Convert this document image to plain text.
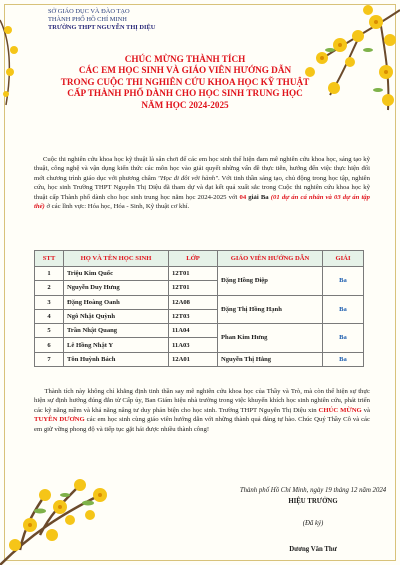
SỞ GIÁO DỤC VÀ ĐÀO TẠO
THÀNH PHỐ HỒ CHÍ MINH
TRƯỜNG THPT NGUYỄN THỊ DIỆU
CHÚC MỪNG THÀNH TÍCH
CÁC EM HỌC SINH VÀ GIÁO VIÊN HƯỚNG DẪN
TRONG CUỘC THI NGHIÊN CỨU KHOA HỌC KỸ THUẬT
CẤP THÀNH PHỐ DÀNH CHO HỌC SINH TRUNG HỌC
NĂM HỌC 2024-2025
Cuộc thi nghiên cứu khoa học kỹ thuật là sân chơi để các em học sinh thể hiện đam mê nghiên cứu khoa học, sáng tạo kỹ thuật, công nghệ và vận dụng kiến thức các môn học vào giải quyết những vấn đề thực tiễn, hướng đến việc thực hiện đổi mới chương trình giáo dục với phương châm "Học đi đôi với hành". Với tinh thần sáng tạo, chủ động trong học tập, nghiên cứu, học sinh Trường THPT Nguyễn Thị Diệu đã tham dự và đạt kết quả xuất sắc trong Cuộc thi nghiên cứu khoa học kỹ thuật cấp Thành phố dành cho học sinh trung học năm học 2024-2025 với 04 giải Ba (01 dự án cá nhân và 03 dự án tập thể) ở các lĩnh vực: Hóa học, Hóa - Sinh, Kỹ thuật cơ khí.
STT	HỌ VÀ TÊN HỌC SINH	LỚP	GIÁO VIÊN HƯỚNG DẪN	GIẢI
1	Triệu Kim Quốc	12T01	Đặng Hồng Điệp	Ba
2	Nguyễn Duy Hưng	12T01		
3	Đặng Hoàng Oanh	12A08	Đặng Thị Hồng Hạnh	Ba
4	Ngô Nhật Quỳnh	12T03		
5	Trần Nhật Quang	11A04	Phan Kim Hưng	Ba
6	Lê Hồng Nhật Y	11A03		
7	Tôn Huỳnh Bách	12A01	Nguyễn Thị Hằng	Ba
Thành tích này không chỉ khẳng định tinh thần say mê nghiên cứu khoa học của Thầy và Trò, mà còn thể hiện sự thực hiện sự định hướng đúng đắn từ Cấp ủy, Ban Giám hiệu nhà trường trong việc khuyến khích học sinh nghiên cứu, phát triển các kỹ năng mềm và khả năng nâng tư duy phản biện cho học sinh. Trường THPT Nguyễn Thị Diệu xin CHÚC MỪNG và TUYÊN DƯƠNG các em học sinh cùng giáo viên hướng dẫn với những thành quả đáng tự hào. Chúc Quý Thầy Cô và các em giữ vững phong độ và tiếp tục gặt hái được nhiều thành công!
Thành phố Hồ Chí Minh, ngày 19 tháng 12 năm 2024
HIỆU TRƯỞNG
(Đã ký)
Dương Văn Thư
